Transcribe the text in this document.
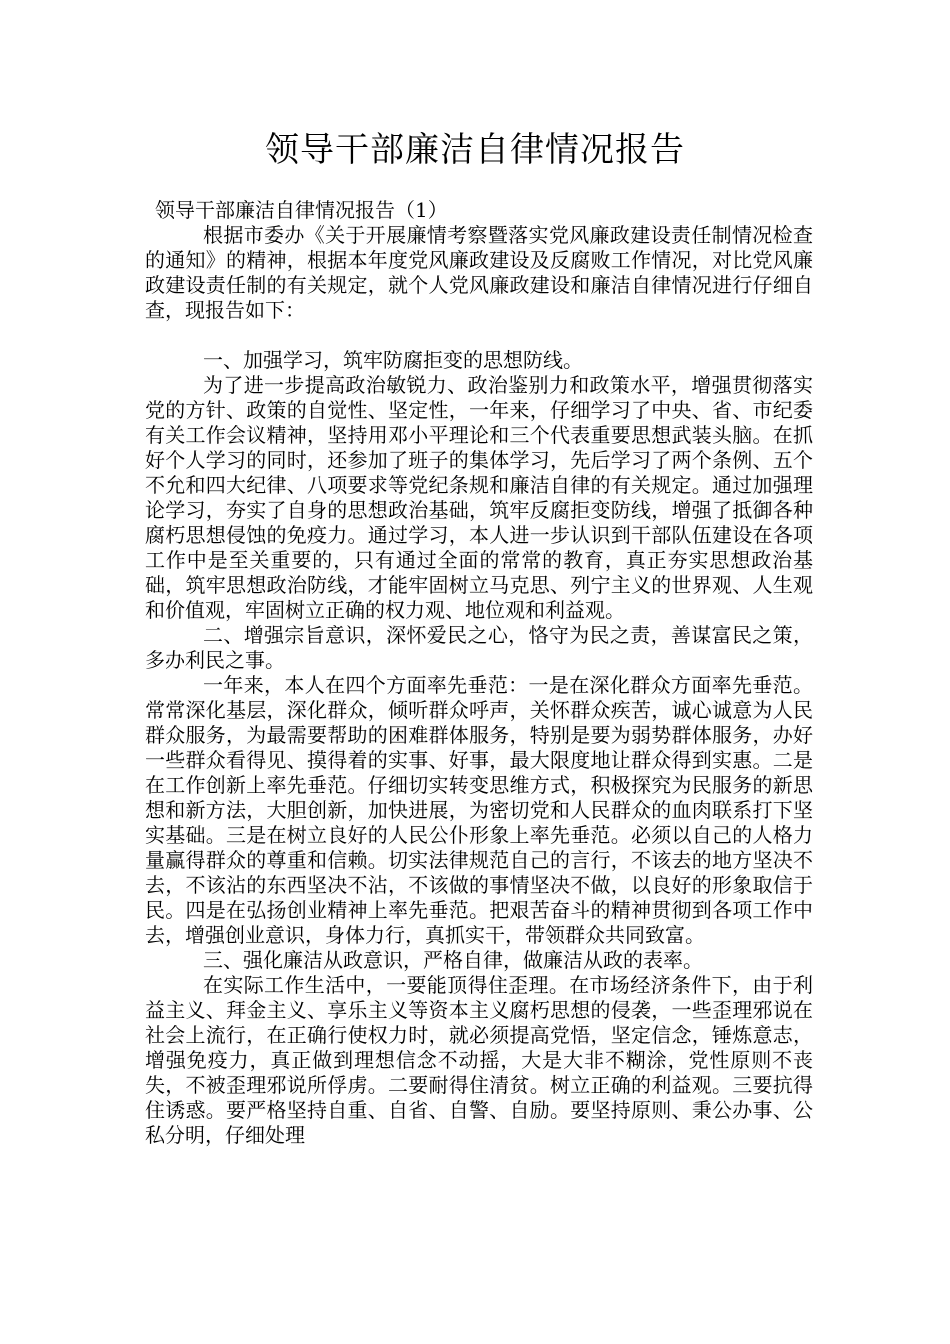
领导干部廉洁自律情况报告

领导干部廉洁自律情况报告（1）

根据市委办《关于开展廉情考察暨落实党风廉政建设责任制情况检查的通知》的精神，根据本年度党风廉政建设及反腐败工作情况，对比党风廉政建设责任制的有关规定，就个人党风廉政建设和廉洁自律情况进行仔细自查，现报告如下：

一、加强学习，筑牢防腐拒变的思想防线。

为了进一步提高政治敏锐力、政治鉴别力和政策水平，增强贯彻落实党的方针、政策的自觉性、坚定性，一年来，仔细学习了中央、省、市纪委有关工作会议精神，坚持用邓小平理论和三个代表重要思想武装头脑。在抓好个人学习的同时，还参加了班子的集体学习，先后学习了两个条例、五个不允和四大纪律、八项要求等党纪条规和廉洁自律的有关规定。通过加强理论学习，夯实了自身的思想政治基础，筑牢反腐拒变防线，增强了抵御各种腐朽思想侵蚀的免疫力。通过学习，本人进一步认识到干部队伍建设在各项工作中是至关重要的，只有通过全面的常常的教育，真正夯实思想政治基础，筑牢思想政治防线，才能牢固树立马克思、列宁主义的世界观、人生观和价值观，牢固树立正确的权力观、地位观和利益观。

二、增强宗旨意识，深怀爱民之心，恪守为民之责，善谋富民之策，多办利民之事。

一年来，本人在四个方面率先垂范：一是在深化群众方面率先垂范。常常深化基层，深化群众，倾听群众呼声，关怀群众疾苦，诚心诚意为人民群众服务，为最需要帮助的困难群体服务，特别是要为弱势群体服务，办好一些群众看得见、摸得着的实事、好事，最大限度地让群众得到实惠。二是在工作创新上率先垂范。仔细切实转变思维方式，积极探究为民服务的新思想和新方法，大胆创新，加快进展，为密切党和人民群众的血肉联系打下坚实基础。三是在树立良好的人民公仆形象上率先垂范。必须以自己的人格力量赢得群众的尊重和信赖。切实法律规范自己的言行，不该去的地方坚决不去，不该沾的东西坚决不沾，不该做的事情坚决不做，以良好的形象取信于民。四是在弘扬创业精神上率先垂范。把艰苦奋斗的精神贯彻到各项工作中去，增强创业意识，身体力行，真抓实干，带领群众共同致富。

三、强化廉洁从政意识，严格自律，做廉洁从政的表率。

在实际工作生活中，一要能顶得住歪理。在市场经济条件下，由于利益主义、拜金主义、享乐主义等资本主义腐朽思想的侵袭，一些歪理邪说在社会上流行，在正确行使权力时，就必须提高党悟，坚定信念，锤炼意志，增强免疫力，真正做到理想信念不动摇，大是大非不糊涂，党性原则不丧失，不被歪理邪说所俘虏。二要耐得住清贫。树立正确的利益观。三要抗得住诱惑。要严格坚持自重、自省、自警、自励。要坚持原则、秉公办事、公私分明，仔细处理
